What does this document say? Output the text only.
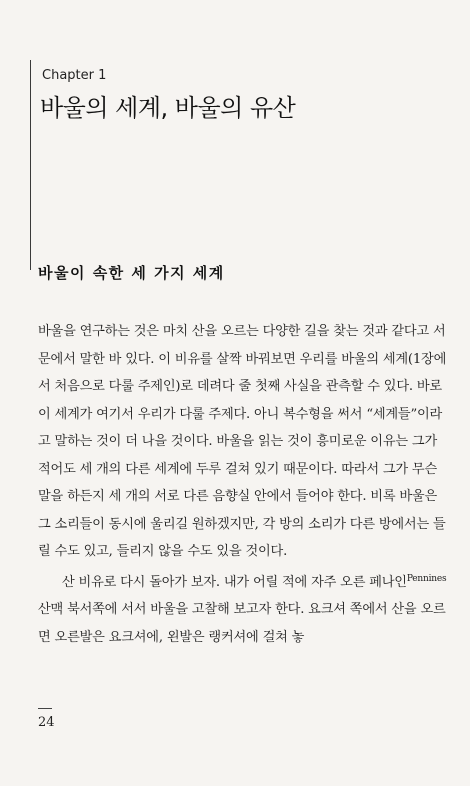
Chapter 1
바울의 세계, 바울의 유산
바울이 속한 세 가지 세계

바울을 연구하는 것은 마치 산을 오르는 다양한 길을 찾는 것과 같다고 서문에서 말한 바 있다. 이 비유를 살짝 바꿔보면 우리를 바울의 세계(1장에서 처음으로 다룰 주제인)로 데려다 줄 첫째 사실을 관측할 수 있다. 바로 이 세계가 여기서 우리가 다룰 주제다. 아니 복수형을 써서 “세계들”이라고 말하는 것이 더 나을 것이다. 바울을 읽는 것이 흥미로운 이유는 그가 적어도 세 개의 다른 세계에 두루 걸쳐 있기 때문이다. 따라서 그가 무슨 말을 하든지 세 개의 서로 다른 음향실 안에서 들어야 한다. 비록 바울은 그 소리들이 동시에 울리길 원하겠지만, 각 방의 소리가 다른 방에서는 들릴 수도 있고, 들리지 않을 수도 있을 것이다.

산 비유로 다시 돌아가 보자. 내가 어릴 적에 자주 오른 페나인$^{Pennines}$ 산맥 북서쪽에 서서 바울을 고찰해 보고자 한다. 요크셔 쪽에서 산을 오르면 오른발은 요크셔에, 왼발은 랭커셔에 걸쳐 놓

24
